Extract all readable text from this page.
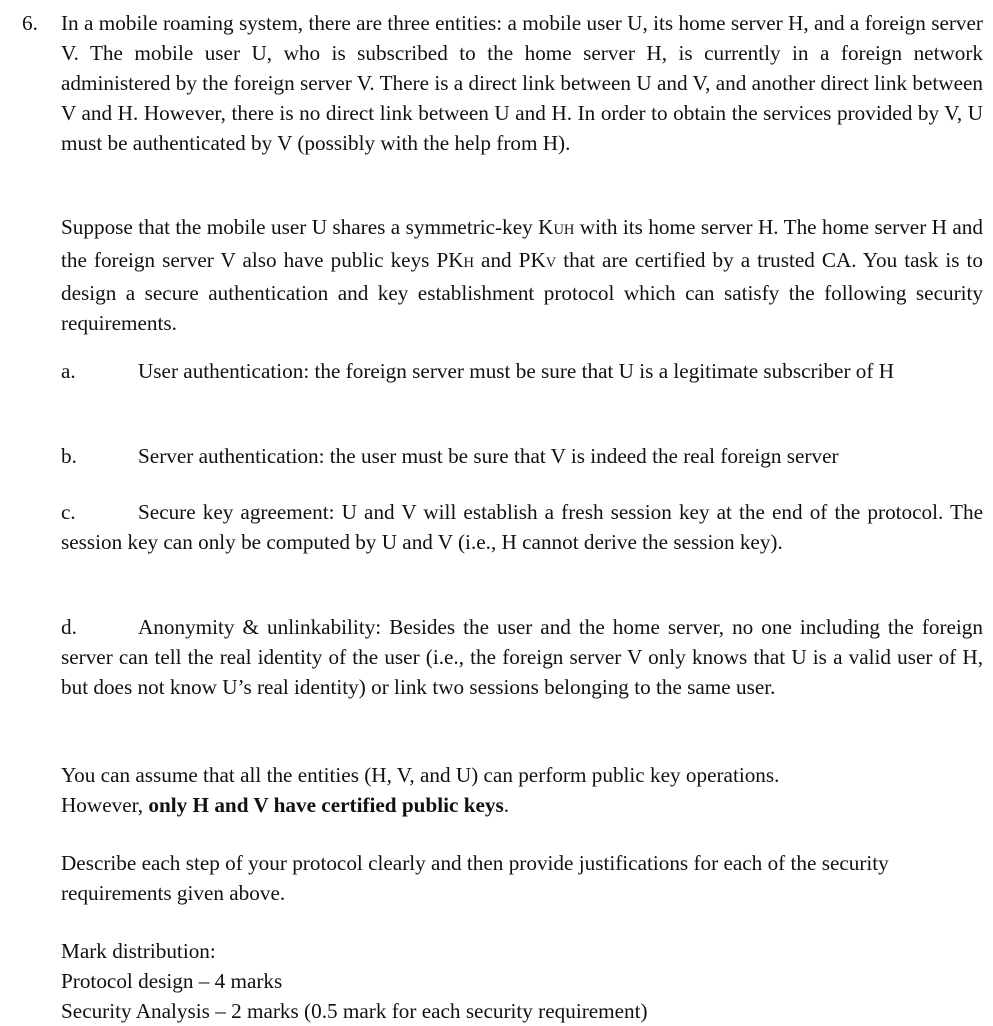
6.	In a mobile roaming system, there are three entities: a mobile user U, its home server H, and a foreign server V. The mobile user U, who is subscribed to the home server H, is currently in a foreign network administered by the foreign server V. There is a direct link between U and V, and another direct link between V and H. However, there is no direct link between U and H. In order to obtain the services provided by V, U must be authenticated by V (possibly with the help from H).
Suppose that the mobile user U shares a symmetric-key KUH with its home server H. The home server H and the foreign server V also have public keys PKH and PKV that are certified by a trusted CA. You task is to design a secure authentication and key establishment protocol which can satisfy the following security requirements.
a.	User authentication: the foreign server must be sure that U is a legitimate subscriber of H
b.	Server authentication: the user must be sure that V is indeed the real foreign server
c.	Secure key agreement: U and V will establish a fresh session key at the end of the protocol. The session key can only be computed by U and V (i.e., H cannot derive the session key).
d.	Anonymity & unlinkability: Besides the user and the home server, no one including the foreign server can tell the real identity of the user (i.e., the foreign server V only knows that U is a valid user of H, but does not know U’s real identity) or link two sessions belonging to the same user.
You can assume that all the entities (H, V, and U) can perform public key operations.
However, only H and V have certified public keys.
Describe each step of your protocol clearly and then provide justifications for each of the security requirements given above.
Mark distribution:
Protocol design – 4 marks
Security Analysis – 2 marks (0.5 mark for each security requirement)
